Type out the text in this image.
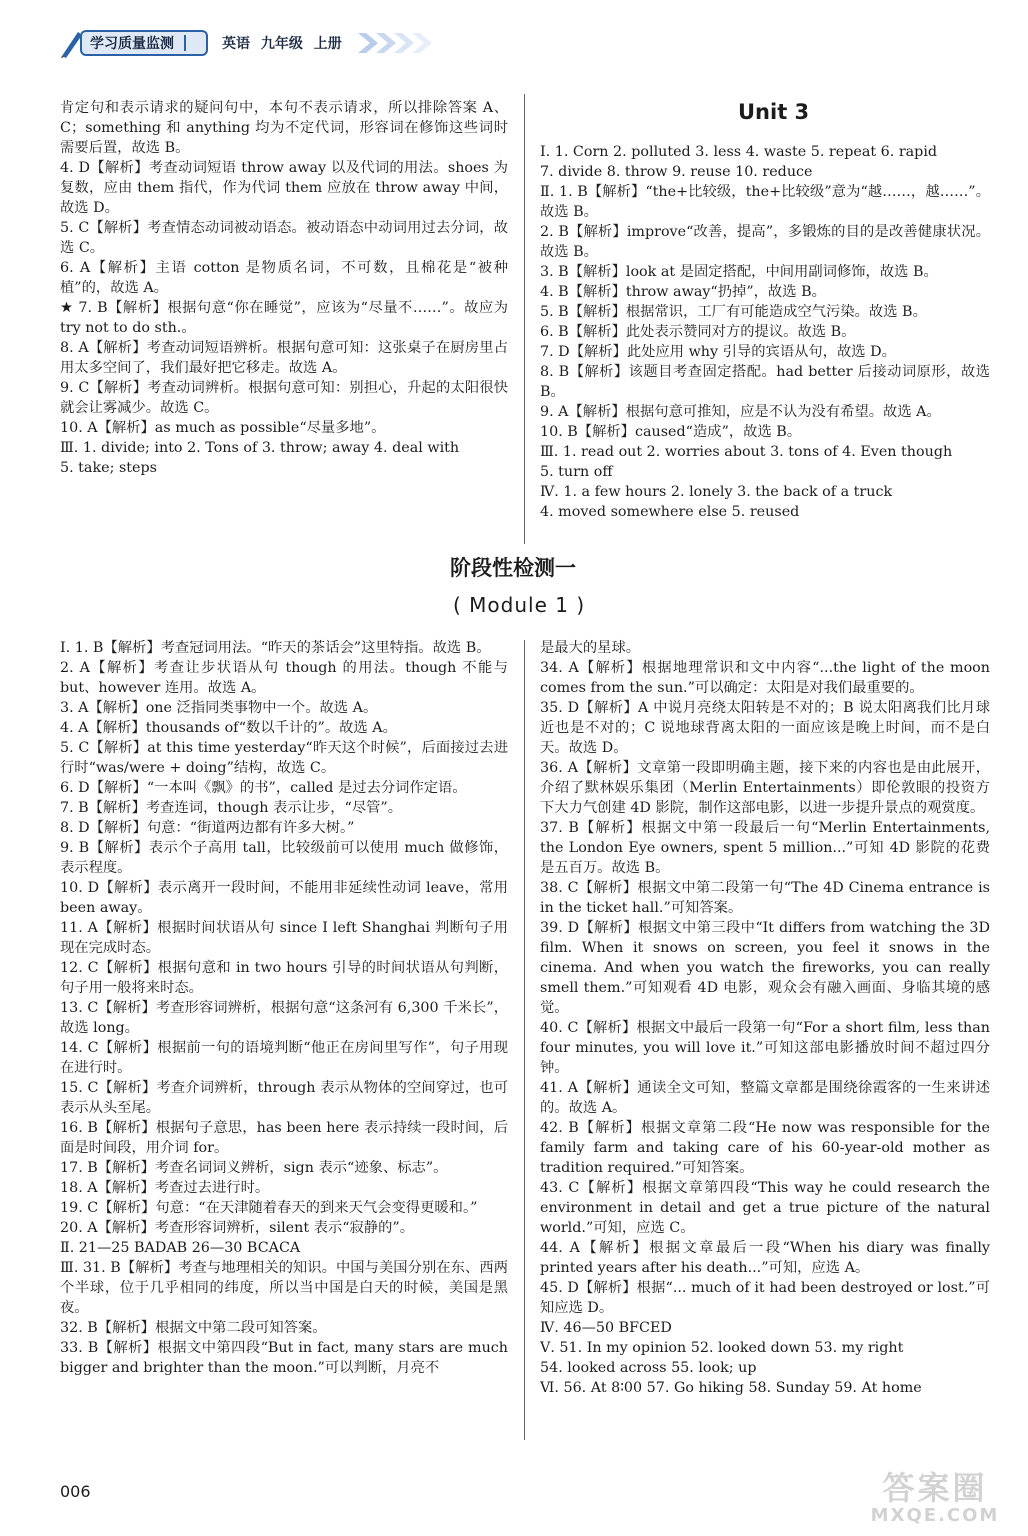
学习质量监测	英语 九年级 上册

肯定句和表示请求的疑问句中，本句不表示请求，所以排除答案 A、C；something 和 anything 均为不定代词，形容词在修饰这些词时需要后置，故选 B。

4. D【解析】考查动词短语 throw away 以及代词的用法。shoes 为复数，应由 them 指代，作为代词 them 应放在 throw away 中间，故选 D。

5. C【解析】考查情态动词被动语态。被动语态中动词用过去分词，故选 C。

6. A【解析】主语 cotton 是物质名词，不可数，且棉花是“被种植”的，故选 A。

★ 7. B【解析】根据句意“你在睡觉”，应该为“尽量不……”。故应为 try not to do sth.。

8. A【解析】考查动词短语辨析。根据句意可知：这张桌子在厨房里占用太多空间了，我们最好把它移走。故选 A。

9. C【解析】考查动词辨析。根据句意可知：别担心，升起的太阳很快就会让雾减少。故选 C。

10. A【解析】as much as possible“尽量多地”。

Ⅲ. 1. divide; into 2. Tons of 3. throw; away 4. deal with

5. take; steps

Unit 3

Ⅰ. 1. Corn 2. polluted 3. less 4. waste 5. repeat 6. rapid

7. divide 8. throw 9. reuse 10. reduce

Ⅱ. 1. B【解析】“the+比较级，the+比较级”意为“越……，越……”。故选 B。

2. B【解析】improve“改善，提高”，多锻炼的目的是改善健康状况。故选 B。

3. B【解析】look at 是固定搭配，中间用副词修饰，故选 B。

4. B【解析】throw away“扔掉”，故选 B。

5. B【解析】根据常识，工厂有可能造成空气污染。故选 B。

6. B【解析】此处表示赞同对方的提议。故选 B。

7. D【解析】此处应用 why 引导的宾语从句，故选 D。

8. B【解析】该题目考查固定搭配。had better 后接动词原形，故选 B。

9. A【解析】根据句意可推知，应是不认为没有希望。故选 A。

10. B【解析】caused“造成”，故选 B。

Ⅲ. 1. read out 2. worries about 3. tons of 4. Even though

5. turn off

Ⅳ. 1. a few hours 2. lonely 3. the back of a truck

4. moved somewhere else 5. reused

阶段性检测一
( Module 1 )

Ⅰ. 1. B【解析】考查冠词用法。“昨天的茶话会”这里特指。故选 B。

2. A【解析】考查让步状语从句 though 的用法。though 不能与 but、however 连用。故选 A。

3. A【解析】one 泛指同类事物中一个。故选 A。

4. A【解析】thousands of“数以千计的”。故选 A。

5. C【解析】at this time yesterday“昨天这个时候”，后面接过去进行时“was/were + doing”结构，故选 C。

6. D【解析】“一本叫《飘》的书”，called 是过去分词作定语。

7. B【解析】考查连词，though 表示让步，“尽管”。

8. D【解析】句意：“街道两边都有许多大树。”

9. B【解析】表示个子高用 tall，比较级前可以使用 much 做修饰，表示程度。

10. D【解析】表示离开一段时间，不能用非延续性动词 leave，常用 been away。

11. A【解析】根据时间状语从句 since I left Shanghai 判断句子用现在完成时态。

12. C【解析】根据句意和 in two hours 引导的时间状语从句判断，句子用一般将来时态。

13. C【解析】考查形容词辨析，根据句意“这条河有 6,300 千米长”，故选 long。

14. C【解析】根据前一句的语境判断“他正在房间里写作”，句子用现在进行时。

15. C【解析】考查介词辨析，through 表示从物体的空间穿过，也可表示从头至尾。

16. B【解析】根据句子意思，has been here 表示持续一段时间，后面是时间段，用介词 for。

17. B【解析】考查名词词义辨析，sign 表示“迹象、标志”。

18. A【解析】考查过去进行时。

19. C【解析】句意：“在天津随着春天的到来天气会变得更暖和。”

20. A【解析】考查形容词辨析，silent 表示“寂静的”。

Ⅱ. 21—25 BADAB 26—30 BCACA

Ⅲ. 31. B【解析】考查与地理相关的知识。中国与美国分别在东、西两个半球，位于几乎相同的纬度，所以当中国是白天的时候，美国是黑夜。

32. B【解析】根据文中第二段可知答案。

33. B【解析】根据文中第四段“But in fact, many stars are much bigger and brighter than the moon.”可以判断，月亮不

是最大的星球。

34. A【解析】根据地理常识和文中内容“...the light of the moon comes from the sun.”可以确定：太阳是对我们最重要的。

35. D【解析】A 中说月亮绕太阳转是不对的；B 说太阳离我们比月球近也是不对的；C 说地球背离太阳的一面应该是晚上时间，而不是白天。故选 D。

36. A【解析】文章第一段即明确主题，接下来的内容也是由此展开，介绍了默林娱乐集团（Merlin Entertainments）即伦敦眼的投资方下大力气创建 4D 影院，制作这部电影，以进一步提升景点的观赏度。

37. B【解析】根据文中第一段最后一句“Merlin Entertainments, the London Eye owners, spent 5 million...”可知 4D 影院的花费是五百万。故选 B。

38. C【解析】根据文中第二段第一句“The 4D Cinema entrance is in the ticket hall.”可知答案。

39. D【解析】根据文中第三段中“It differs from watching the 3D film. When it snows on screen, you feel it snows in the cinema. And when you watch the fireworks, you can really smell them.”可知观看 4D 电影，观众会有融入画面、身临其境的感觉。

40. C【解析】根据文中最后一段第一句“For a short film, less than four minutes, you will love it.”可知这部电影播放时间不超过四分钟。

41. A【解析】通读全文可知，整篇文章都是围绕徐霞客的一生来讲述的。故选 A。

42. B【解析】根据文章第二段“He now was responsible for the family farm and taking care of his 60-year-old mother as tradition required.”可知答案。

43. C【解析】根据文章第四段“This way he could research the environment in detail and get a true picture of the natural world.”可知，应选 C。

44. A【解析】根据文章最后一段“When his diary was finally printed years after his death...”可知，应选 A。

45. D【解析】根据“... much of it had been destroyed or lost.”可知应选 D。

Ⅳ. 46—50 BFCED

Ⅴ. 51. In my opinion 52. looked down 53. my right

54. looked across 55. look; up

Ⅵ. 56. At 8∶00 57. Go hiking 58. Sunday 59. At home

006	答案圈
MXQE.COM
